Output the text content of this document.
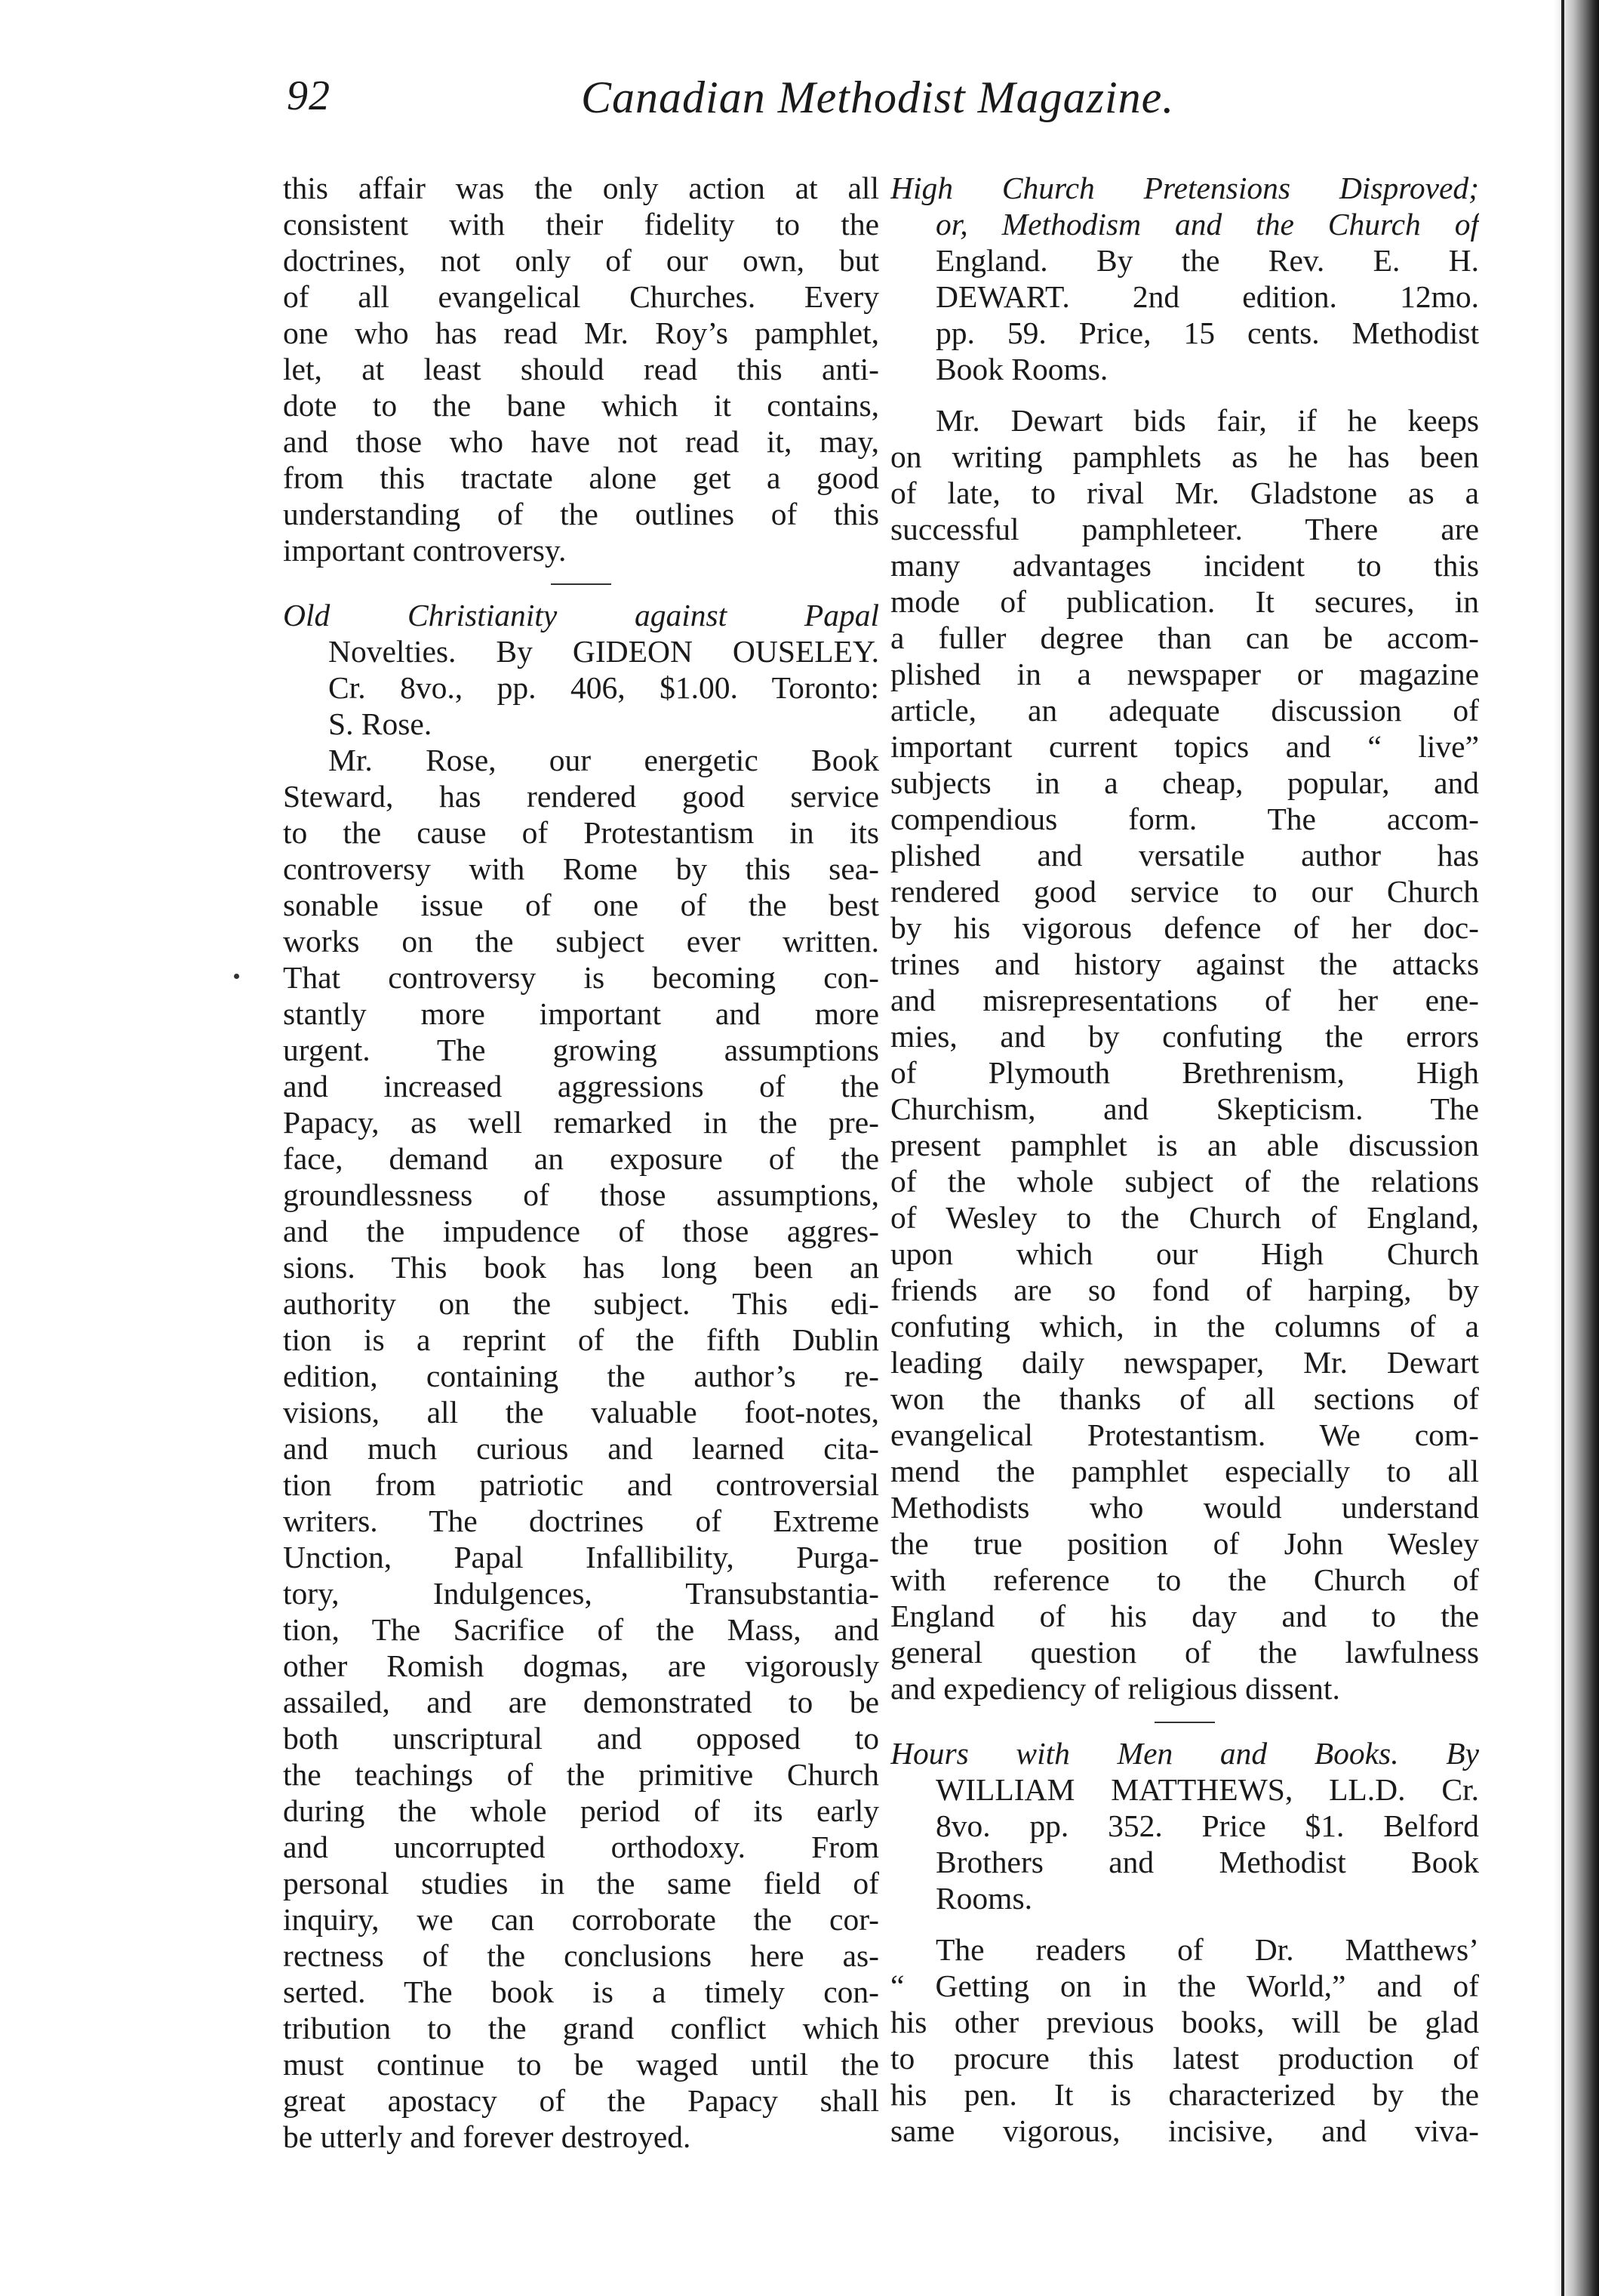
92	Canadian Methodist Magazine.
this affair was the only action at all
consistent with their fidelity to the
doctrines, not only of our own, but
of all evangelical Churches. Every
one who has read Mr. Roy’s pamphlet,
let, at least should read this anti-
dote to the bane which it contains,
and those who have not read it, may,
from this tractate alone get a good
understanding of the outlines of this
important controversy.
Old Christianity against Papal
Novelties. By GIDEON OUSELEY.
Cr. 8vo., pp. 406, $1.00. Toronto:
S. Rose.
Mr. Rose, our energetic Book
Steward, has rendered good service
to the cause of Protestantism in its
controversy with Rome by this sea-
sonable issue of one of the best
works on the subject ever written.
That controversy is becoming con-
stantly more important and more
urgent. The growing assumptions
and increased aggressions of the
Papacy, as well remarked in the pre-
face, demand an exposure of the
groundlessness of those assumptions,
and the impudence of those aggres-
sions. This book has long been an
authority on the subject. This edi-
tion is a reprint of the fifth Dublin
edition, containing the author’s re-
visions, all the valuable foot-notes,
and much curious and learned cita-
tion from patriotic and controversial
writers. The doctrines of Extreme
Unction, Papal Infallibility, Purga-
tory, Indulgences, Transubstantia-
tion, The Sacrifice of the Mass, and
other Romish dogmas, are vigorously
assailed, and are demonstrated to be
both unscriptural and opposed to
the teachings of the primitive Church
during the whole period of its early
and uncorrupted orthodoxy. From
personal studies in the same field of
inquiry, we can corroborate the cor-
rectness of the conclusions here as-
serted. The book is a timely con-
tribution to the grand conflict which
must continue to be waged until the
great apostacy of the Papacy shall
be utterly and forever destroyed.
High Church Pretensions Disproved;
or, Methodism and the Church of
England. By the Rev. E. H.
DEWART. 2nd edition. 12mo.
pp. 59. Price, 15 cents. Methodist
Book Rooms.
Mr. Dewart bids fair, if he keeps
on writing pamphlets as he has been
of late, to rival Mr. Gladstone as a
successful pamphleteer. There are
many advantages incident to this
mode of publication. It secures, in
a fuller degree than can be accom-
plished in a newspaper or magazine
article, an adequate discussion of
important current topics and “ live”
subjects in a cheap, popular, and
compendious form. The accom-
plished and versatile author has
rendered good service to our Church
by his vigorous defence of her doc-
trines and history against the attacks
and misrepresentations of her ene-
mies, and by confuting the errors
of Plymouth Brethrenism, High
Churchism, and Skepticism. The
present pamphlet is an able discussion
of the whole subject of the relations
of Wesley to the Church of England,
upon which our High Church
friends are so fond of harping, by
confuting which, in the columns of a
leading daily newspaper, Mr. Dewart
won the thanks of all sections of
evangelical Protestantism. We com-
mend the pamphlet especially to all
Methodists who would understand
the true position of John Wesley
with reference to the Church of
England of his day and to the
general question of the lawfulness
and expediency of religious dissent.
Hours with Men and Books. By
WILLIAM MATTHEWS, LL.D. Cr.
8vo. pp. 352. Price $1. Belford
Brothers and Methodist Book
Rooms.
The readers of Dr. Matthews’
“ Getting on in the World,” and of
his other previous books, will be glad
to procure this latest production of
his pen. It is characterized by the
same vigorous, incisive, and viva-
